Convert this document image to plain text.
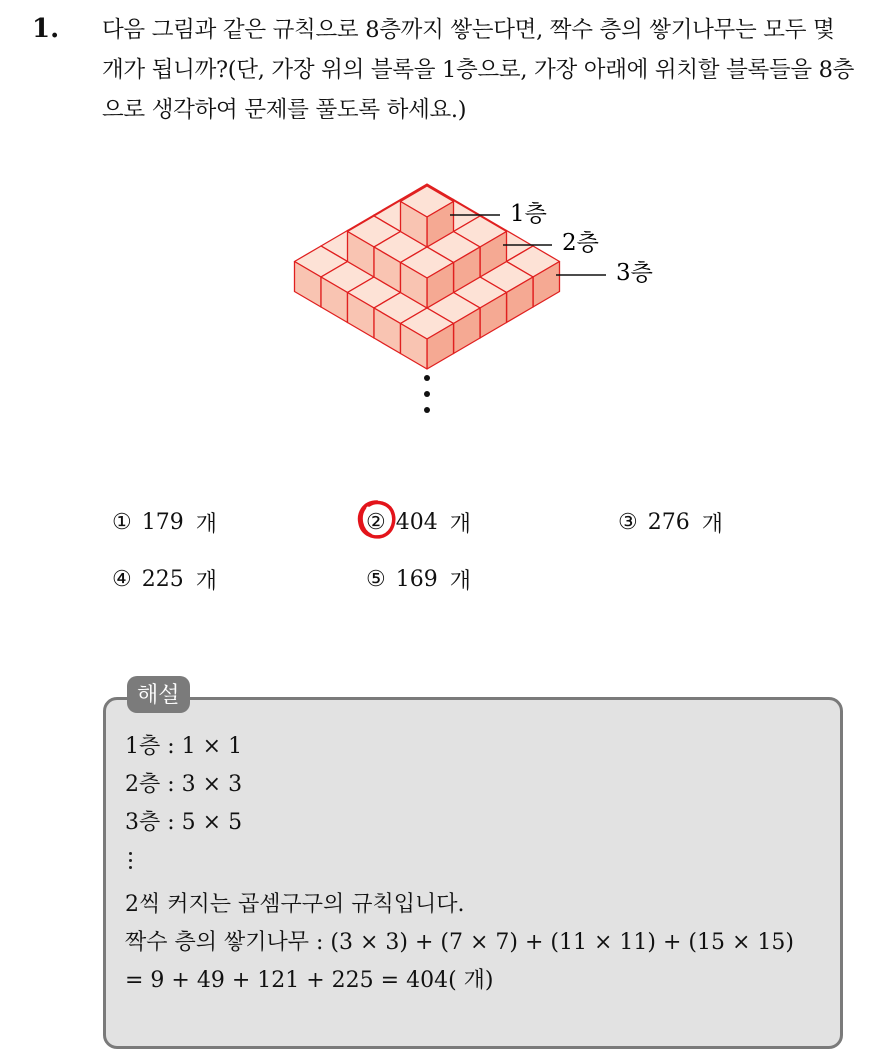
1. 다음 그림과 같은 규칙으로 8층까지 쌓는다면, 짝수 층의 쌓기나무는 모두 몇 개가 됩니까?(단, 가장 위의 블록을 1층으로, 가장 아래에 위치할 블록들을 8층으로 생각하여 문제를 풀도록 하세요.)

1층
2층
3층
① 179 개	② 404 개	③ 276 개
④ 225 개	⑤ 169 개
해설
1층 : 1 × 1
2층 : 3 × 3
3층 : 5 × 5
2씩 커지는 곱셈구구의 규칙입니다.
짝수 층의 쌓기나무 : (3 × 3) + (7 × 7) + (11 × 11) + (15 × 15)
= 9 + 49 + 121 + 225 = 404( 개)
